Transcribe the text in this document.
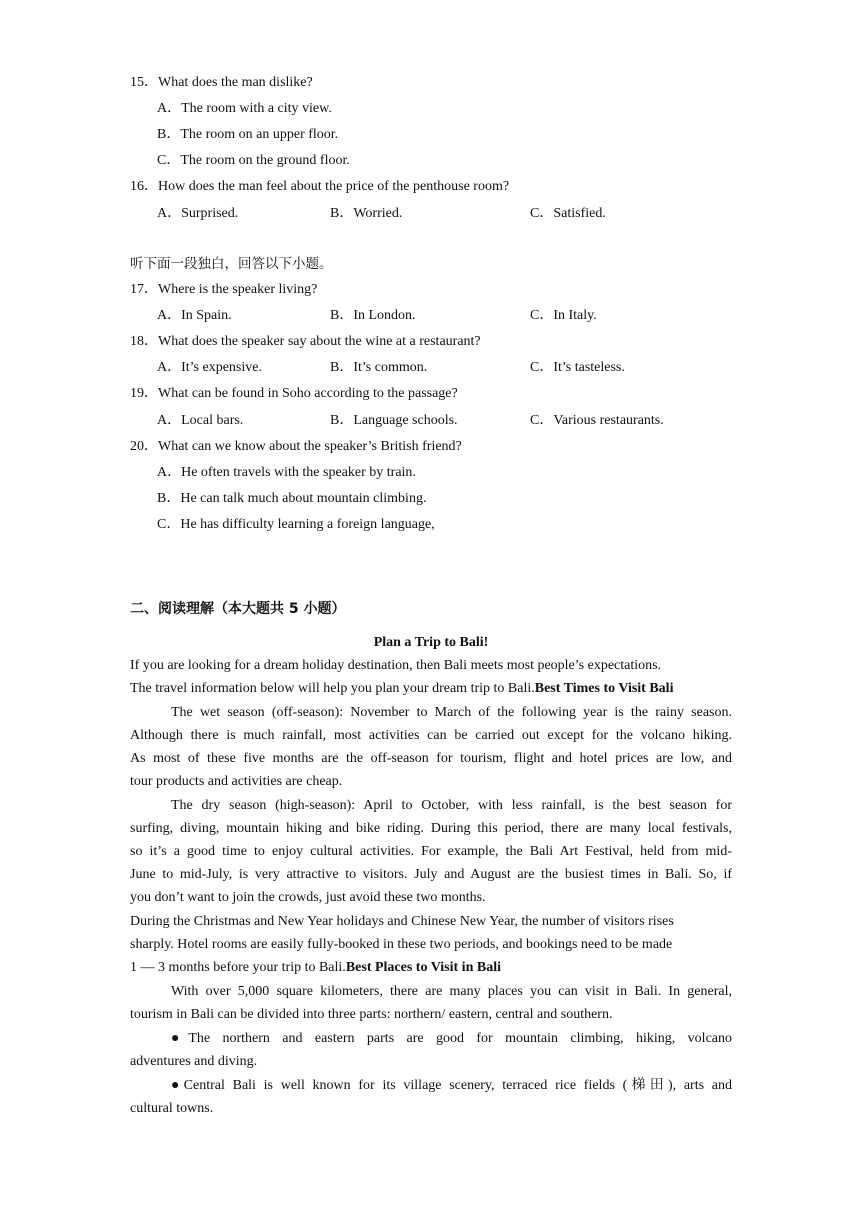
15．What does the man dislike?
A．The room with a city view.
B．The room on an upper floor.
C．The room on the ground floor.
16．How does the man feel about the price of the penthouse room?
A．Surprised.	B．Worried.	C．Satisfied.
听下面一段独白，回答以下小题。
17．Where is the speaker living?
A．In Spain.	B．In London.	C．In Italy.
18．What does the speaker say about the wine at a restaurant?
A．It’s expensive.	B．It’s common.	C．It’s tasteless.
19．What can be found in Soho according to the passage?
A．Local bars.	B．Language schools.	C．Various restaurants.
20．What can we know about the speaker’s British friend?
A．He often travels with the speaker by train.
B．He can talk much about mountain climbing.
C．He has difficulty learning a foreign language,
二、阅读理解（本大题共 5 小题）
Plan a Trip to Bali!
If you are looking for a dream holiday destination, then Bali meets most people’s expectations.
The travel information below will help you plan your dream trip to Bali.Best Times to Visit Bali
The wet season (off-season): November to March of the following year is the rainy season.
Although there is much rainfall, most activities can be carried out except for the volcano hiking.
As most of these five months are the off-season for tourism, flight and hotel prices are low, and
tour products and activities are cheap.
The dry season (high-season): April to October, with less rainfall, is the best season for
surfing, diving, mountain hiking and bike riding. During this period, there are many local festivals,
so it’s a good time to enjoy cultural activities. For example, the Bali Art Festival, held from mid-
June to mid-July, is very attractive to visitors. July and August are the busiest times in Bali. So, if
you don’t want to join the crowds, just avoid these two months.
During the Christmas and New Year holidays and Chinese New Year, the number of visitors rises
sharply. Hotel rooms are easily fully-booked in these two periods, and bookings need to be made
1 — 3 months before your trip to Bali.Best Places to Visit in Bali
With over 5,000 square kilometers, there are many places you can visit in Bali. In general,
tourism in Bali can be divided into three parts: northern/ eastern, central and southern.
●The northern and eastern parts are good for mountain climbing, hiking, volcano
adventures and diving.
●Central Bali is well known for its village scenery, terraced rice fields (梯田), arts and
cultural towns.
